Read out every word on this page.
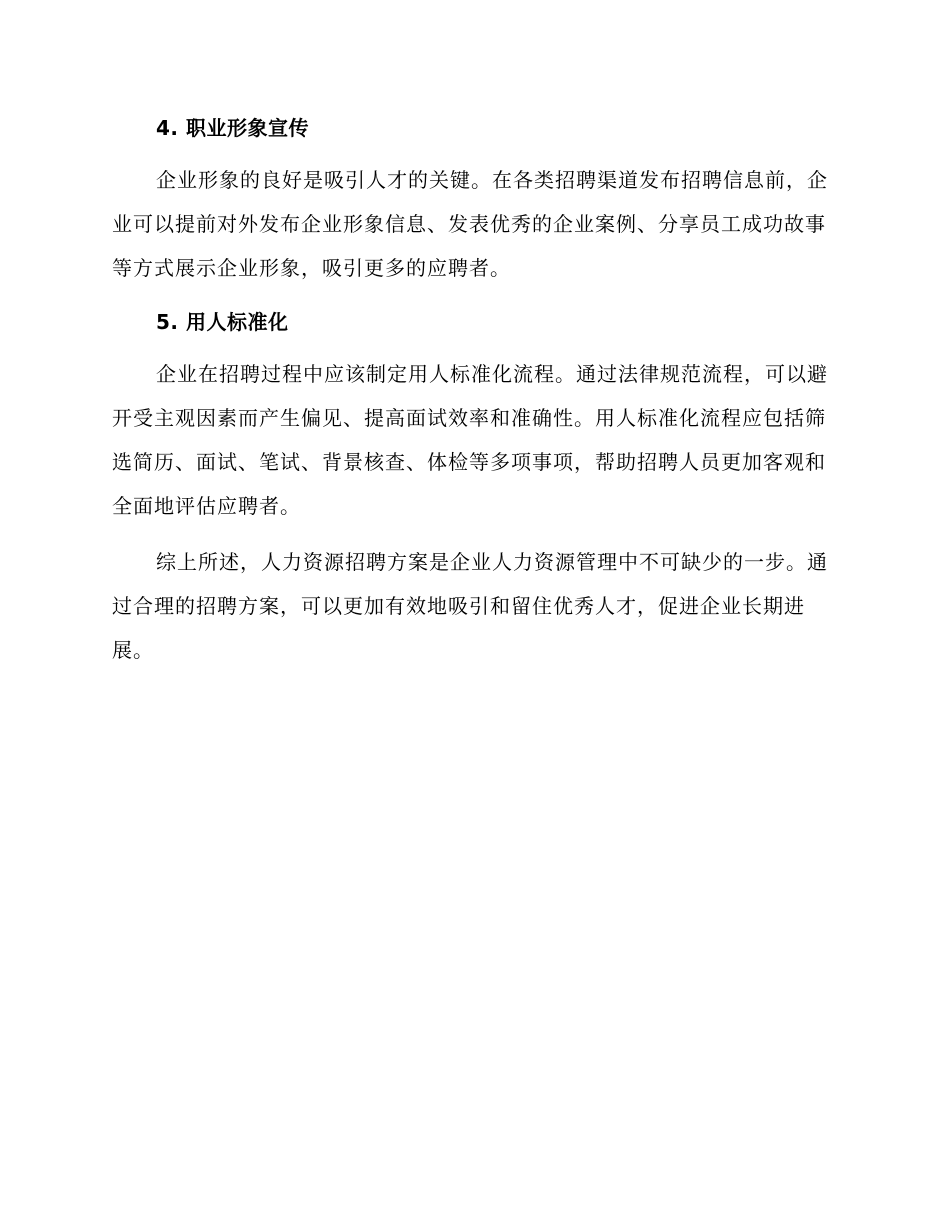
4. 职业形象宣传

企业形象的良好是吸引人才的关键。在各类招聘渠道发布招聘信息前，企业可以提前对外发布企业形象信息、发表优秀的企业案例、分享员工成功故事等方式展示企业形象，吸引更多的应聘者。

5. 用人标准化

企业在招聘过程中应该制定用人标准化流程。通过法律规范流程，可以避开受主观因素而产生偏见、提高面试效率和准确性。用人标准化流程应包括筛选简历、面试、笔试、背景核查、体检等多项事项，帮助招聘人员更加客观和全面地评估应聘者。

综上所述，人力资源招聘方案是企业人力资源管理中不可缺少的一步。通过合理的招聘方案，可以更加有效地吸引和留住优秀人才，促进企业长期进展。
